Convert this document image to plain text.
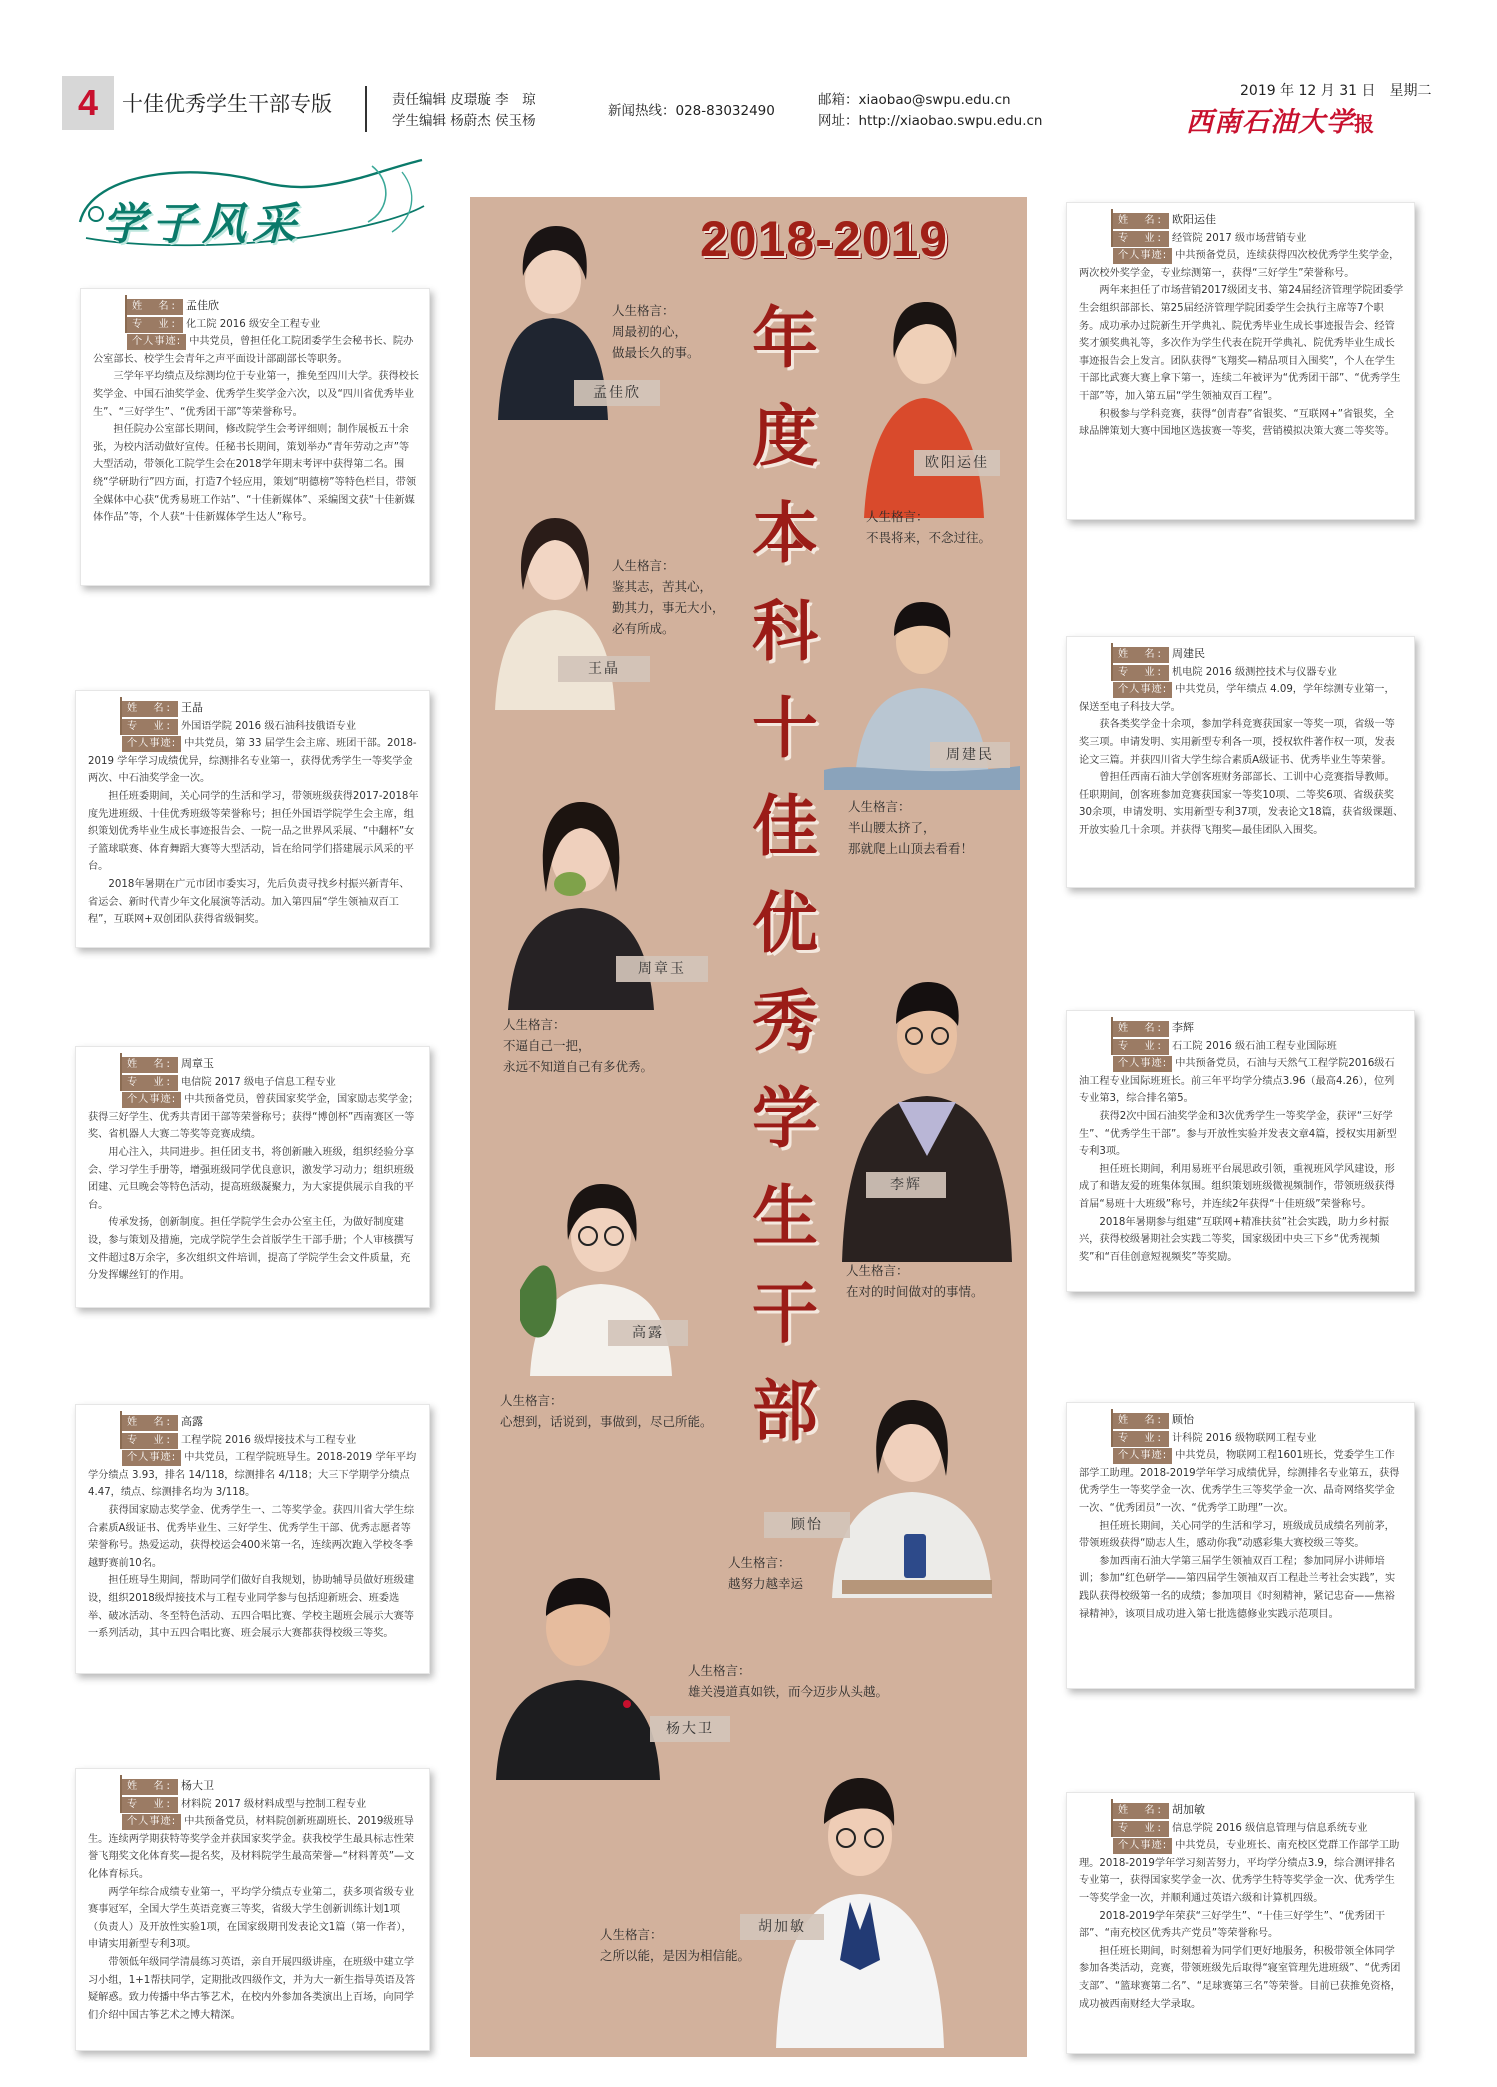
4	十佳优秀学生干部专版	责任编辑 皮璟璇 李　琼
学生编辑 杨蔚杰 侯玉杨
新闻热线：028-83032490
邮箱：xiaobao@swpu.edu.cn
网址：http://xiaobao.swpu.edu.cn
2019 年 12 月 31 日　星期二
西南石油大学报
学子风采	2018-2019
年
度
本
科
十
佳
优
秀
学
生
干
部

姓　名: 孟佳欣

专　业: 化工院 2016 级安全工程专业

个人事迹: 中共党员，曾担任化工院团委学生会秘书长、院办公室部长、校学生会青年之声平面设计部副部长等职务。

三学年平均绩点及综测均位于专业第一，推免至四川大学。获得校长奖学金、中国石油奖学金、优秀学生奖学金六次，以及“四川省优秀毕业生”、“三好学生”、“优秀团干部”等荣誉称号。

担任院办公室部长期间，修改院学生会考评细则；制作展板五十余张，为校内活动做好宣传。任秘书长期间，策划举办“青年劳动之声”等大型活动，带领化工院学生会在2018学年期末考评中获得第二名。围绕“学研助行”四方面，打造7个轻应用，策划“明德榜”等特色栏目，带领全媒体中心获“优秀易班工作站”、“十佳新媒体”、采编图文获“十佳新媒体作品”等，个人获“十佳新媒体学生达人”称号。

姓　名: 王晶

专　业: 外国语学院 2016 级石油科技俄语专业

个人事迹: 中共党员，第 33 届学生会主席、班团干部。2018-2019 学年学习成绩优异，综测排名专业第一，获得优秀学生一等奖学金两次、中石油奖学金一次。

担任班委期间，关心同学的生活和学习，带领班级获得2017-2018年度先进班级、十佳优秀班级等荣誉称号；担任外国语学院学生会主席，组织策划优秀毕业生成长事迹报告会、一院一品之世界风采展、“中翻杯”女子篮球联赛、体育舞蹈大赛等大型活动，旨在给同学们搭建展示风采的平台。

2018年暑期在广元市团市委实习，先后负责寻找乡村振兴新青年、省运会、新时代青少年文化展演等活动。加入第四届“学生领袖双百工程”，互联网+双创团队获得省级铜奖。

姓　名: 周章玉

专　业: 电信院 2017 级电子信息工程专业

个人事迹: 中共预备党员，曾获国家奖学金，国家励志奖学金；获得三好学生、优秀共青团干部等荣誉称号；获得“博创杯”西南赛区一等奖、省机器人大赛二等奖等竞赛成绩。

用心注入，共同进步。担任团支书，将创新融入班级，组织经验分享会、学习学生手册等，增强班级同学优良意识，激发学习动力；组织班级团建、元旦晚会等特色活动，提高班级凝聚力，为大家提供展示自我的平台。

传承发扬，创新制度。担任学院学生会办公室主任，为做好制度建设，参与策划及措施，完成学院学生会首版学生干部手册；个人审核撰写文件超过8万余字，多次组织文件培训，提高了学院学生会文件质量，充分发挥螺丝钉的作用。

姓　名: 高露

专　业: 工程学院 2016 级焊接技术与工程专业

个人事迹: 中共党员，工程学院班导生。2018-2019 学年平均学分绩点 3.93，排名 14/118，综测排名 4/118；大三下学期学分绩点 4.47，绩点、综测排名均为 3/118。

获得国家励志奖学金、优秀学生一、二等奖学金。获四川省大学生综合素质A级证书、优秀毕业生、三好学生、优秀学生干部、优秀志愿者等荣誉称号。热爱运动，获得校运会400米第一名，连续两次跑入学校冬季越野赛前10名。

担任班导生期间，帮助同学们做好自我规划，协助辅导员做好班级建设，组织2018级焊接技术与工程专业同学参与包括迎新班会、班委选举、破冰活动、冬至特色活动、五四合唱比赛、学校主题班会展示大赛等一系列活动，其中五四合唱比赛、班会展示大赛都获得校级三等奖。

姓　名: 杨大卫

专　业: 材料院 2017 级材料成型与控制工程专业

个人事迹: 中共预备党员，材料院创新班副班长、2019级班导生。连续两学期获特等奖学金并获国家奖学金。获我校学生最具标志性荣誉飞翔奖文化体育奖—提名奖，及材料院学生最高荣誉—“材料菁英”—文化体育标兵。

两学年综合成绩专业第一，平均学分绩点专业第二，获多项省级专业赛事冠军，全国大学生英语竞赛三等奖，省级大学生创新训练计划1项（负责人）及开放性实验1项，在国家级期刊发表论文1篇（第一作者），申请实用新型专利3项。

带领低年级同学清晨练习英语，亲自开展四级讲座，在班级中建立学习小组，1+1帮扶同学，定期批改四级作文，并为大一新生指导英语及答疑解惑。致力传播中华古筝艺术，在校内外参加各类演出上百场，向同学们介绍中国古筝艺术之博大精深。

姓　名: 欧阳运佳

专　业: 经管院 2017 级市场营销专业

个人事迹: 中共预备党员，连续获得四次校优秀学生奖学金，两次校外奖学金，专业综测第一，获得“三好学生”荣誉称号。

两年来担任了市场营销2017级团支书、第24届经济管理学院团委学生会组织部部长、第25届经济管理学院团委学生会执行主席等7个职务。成功承办过院新生开学典礼、院优秀毕业生成长事迹报告会、经管奖才颁奖典礼等，多次作为学生代表在院开学典礼、院优秀毕业生成长事迹报告会上发言。团队获得“飞翔奖—精品项目入围奖”，个人在学生干部比武赛大赛上拿下第一，连续二年被评为“优秀团干部”、“优秀学生干部”等，加入第五届“学生领袖双百工程”。

积极参与学科竞赛，获得“创青春”省银奖、“互联网+”省银奖，全球品牌策划大赛中国地区选拔赛一等奖，营销模拟决策大赛二等奖等。

姓　名: 周建民

专　业: 机电院 2016 级测控技术与仪器专业

个人事迹: 中共党员，学年绩点 4.09，学年综测专业第一，保送至电子科技大学。

获各类奖学金十余项，参加学科竞赛获国家一等奖一项，省级一等奖三项。申请发明、实用新型专利各一项，授权软件著作权一项，发表论文三篇。并获四川省大学生综合素质A级证书、优秀毕业生等荣誉。

曾担任西南石油大学创客班财务部部长、工训中心竞赛指导教师。任职期间，创客班参加竞赛获国家一等奖10项、二等奖6项、省级获奖30余项，申请发明、实用新型专利37项，发表论文18篇，获省级课题、开放实验几十余项。并获得飞翔奖—最佳团队入围奖。

姓　名: 李辉

专　业: 石工院 2016 级石油工程专业国际班

个人事迹: 中共预备党员，石油与天然气工程学院2016级石油工程专业国际班班长。前三年平均学分绩点3.96（最高4.26），位列专业第3，综合排名第5。

获得2次中国石油奖学金和3次优秀学生一等奖学金，获评“三好学生”、“优秀学生干部”。参与开放性实验并发表文章4篇，授权实用新型专利3项。

担任班长期间，利用易班平台展思政引领，重视班风学风建设，形成了和谐友爱的班集体氛围。组织策划班级微视频制作，带领班级获得首届“易班十大班级”称号，并连续2年获得“十佳班级”荣誉称号。

2018年暑期参与组建“互联网+精准扶贫”社会实践，助力乡村振兴，获得校级暑期社会实践二等奖，国家级团中央三下乡“优秀视频奖”和“百佳创意短视频奖”等奖励。

姓　名: 顾怡

专　业: 计科院 2016 级物联网工程专业

个人事迹: 中共党员，物联网工程1601班长，党委学生工作部学工助理。2018-2019学年学习成绩优异，综测排名专业第五，获得优秀学生一等奖学金一次、优秀学生三等奖学金一次、晶奇网络奖学金一次、“优秀团员”一次、“优秀学工助理”一次。

担任班长期间，关心同学的生活和学习，班级成员成绩名列前茅，带领班级获得“励志人生，感动你我”动感彩集大赛校级三等奖。

参加西南石油大学第三届学生领袖双百工程；参加同屏小讲师培训；参加“红色研学——第四届学生领袖双百工程赴兰考社会实践”，实践队获得校级第一名的成绩；参加项目《时刻精神，紧记忠奋——焦裕禄精神》，该项目成功进入第七批选德修业实践示范项目。

姓　名: 胡加敏

专　业: 信息学院 2016 级信息管理与信息系统专业

个人事迹: 中共党员，专业班长、南充校区党群工作部学工助理。2018-2019学年学习刻苦努力，平均学分绩点3.9，综合测评排名专业第一，获得国家奖学金一次、优秀学生特等奖学金一次、优秀学生一等奖学金一次，并顺利通过英语六级和计算机四级。

2018-2019学年荣获“三好学生”、“十佳三好学生”、“优秀团干部”、“南充校区优秀共产党员”等荣誉称号。

担任班长期间，时刻想着为同学们更好地服务，积极带领全体同学参加各类活动，竞赛，带领班级先后取得“寝室管理先进班级”、“优秀团支部”、“篮球赛第二名”、“足球赛第三名”等荣誉。目前已获推免资格，成功被西南财经大学录取。

孟佳欣
人生格言：
周最初的心，
做最长久的事。
王晶
人生格言：
鉴其志，苦其心，
勤其力，事无大小，
必有所成。
周章玉
人生格言：
不逼自己一把，
永远不知道自己有多优秀。
高露
人生格言：
心想到，话说到，事做到，尽己所能。
杨大卫
人生格言：
雄关漫道真如铁，而今迈步从头越。
欧阳运佳
人生格言：
不畏将来，不念过往。
周建民
人生格言：
半山腰太挤了，
那就爬上山顶去看看！
李辉
人生格言：
在对的时间做对的事情。
顾怡
人生格言：
越努力越幸运
胡加敏
人生格言：
之所以能，是因为相信能。
